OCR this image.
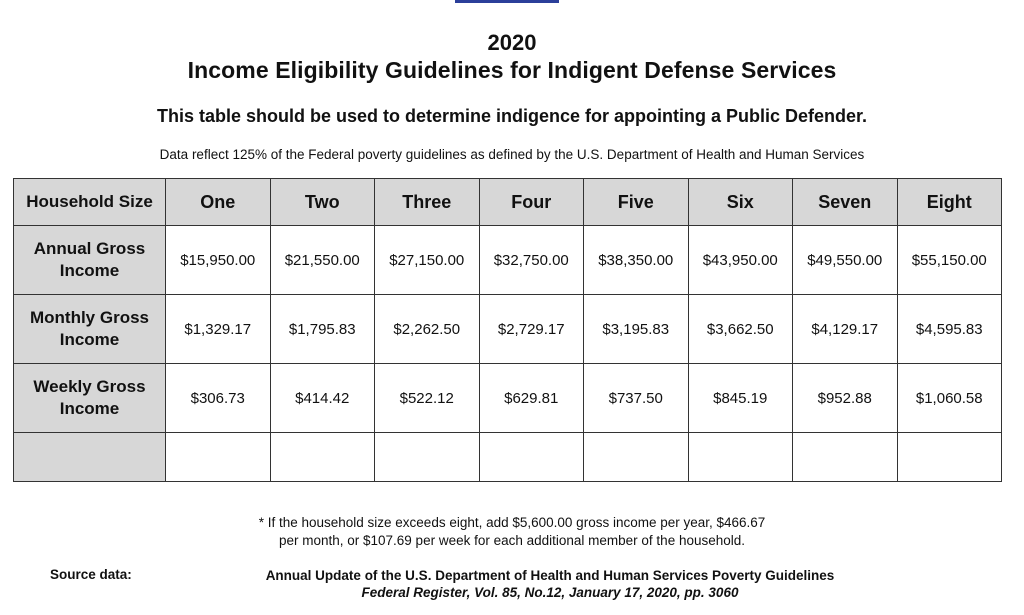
2020
Income Eligibility Guidelines for Indigent Defense Services
This table should be used to determine indigence for appointing a Public Defender.
Data reflect 125% of the Federal poverty guidelines as defined by the U.S. Department of Health and Human Services
Household Size	One	Two	Three	Four	Five	Six	Seven	Eight
Annual Gross
Income	$15,950.00	$21,550.00	$27,150.00	$32,750.00	$38,350.00	$43,950.00	$49,550.00	$55,150.00
Monthly Gross
Income	$1,329.17	$1,795.83	$2,262.50	$2,729.17	$3,195.83	$3,662.50	$4,129.17	$4,595.83
Weekly Gross
Income	$306.73	$414.42	$522.12	$629.81	$737.50	$845.19	$952.88	$1,060.58

* If the household size exceeds eight, add $5,600.00 gross income per year, $466.67
per month, or $107.69 per week for each additional member of the household.
Source data:	Annual Update of the U.S. Department of Health and Human Services Poverty Guidelines
Federal Register, Vol. 85, No.12, January 17, 2020, pp. 3060
